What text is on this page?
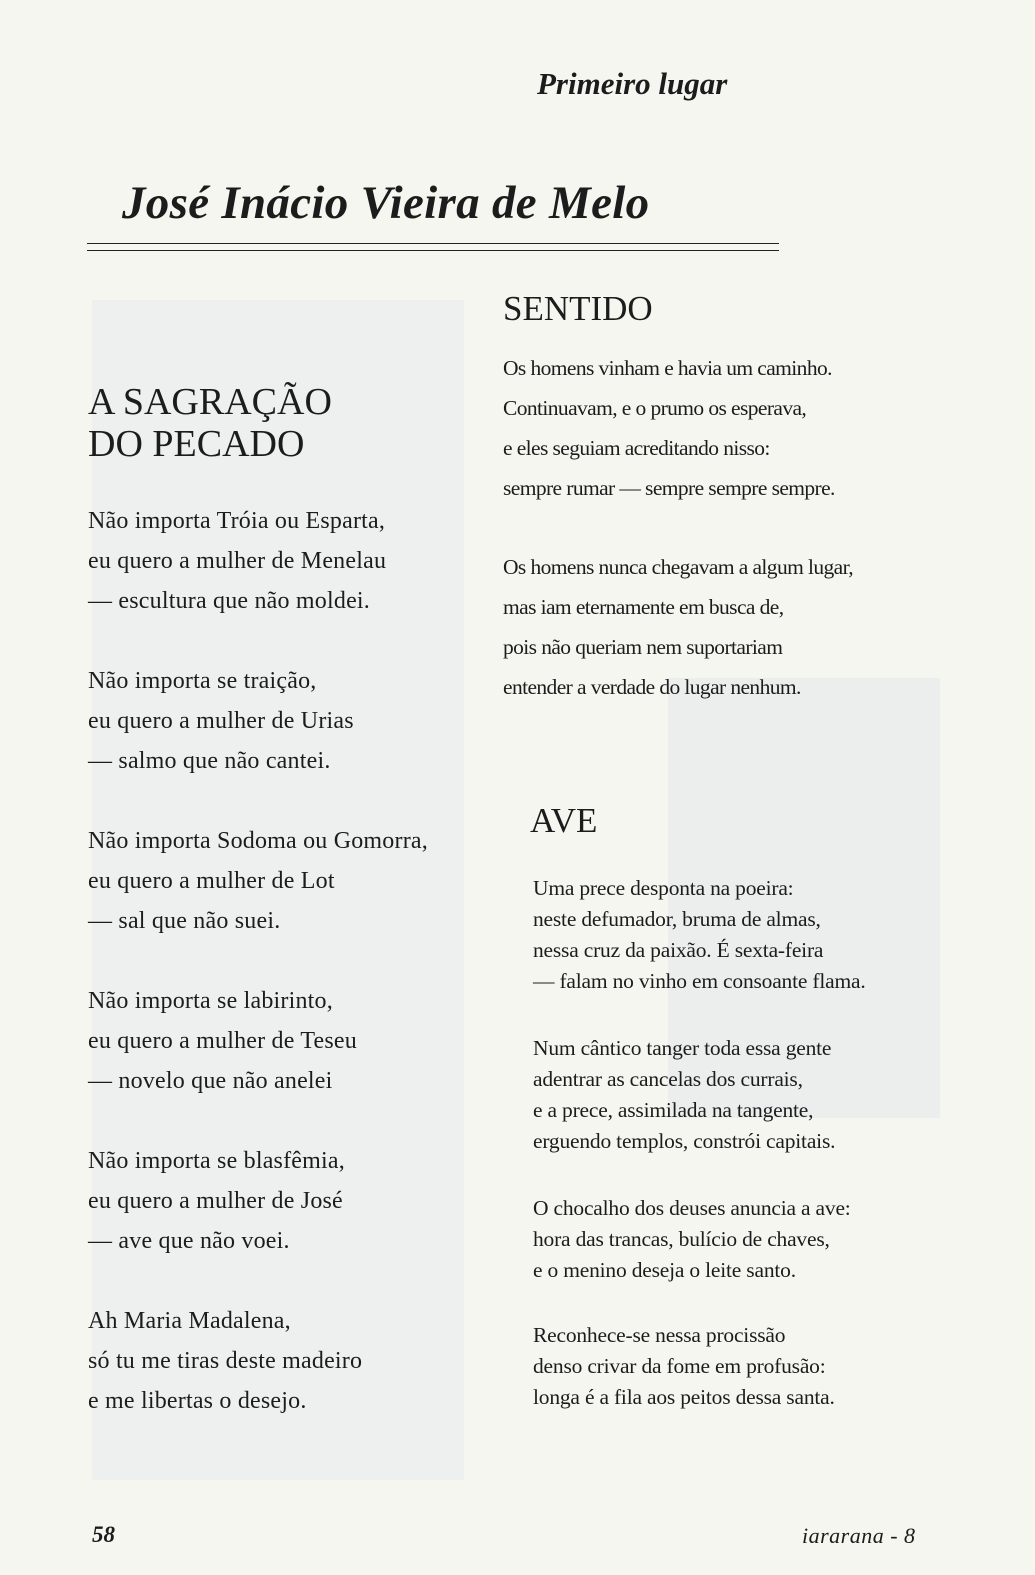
Primeiro lugar
José Inácio Vieira de Melo
A SAGRAÇÃO
DO PECADO
Não importa Tróia ou Esparta,
eu quero a mulher de Menelau
— escultura que não moldei.
Não importa se traição,
eu quero a mulher de Urias
— salmo que não cantei.
Não importa Sodoma ou Gomorra,
eu quero a mulher de Lot
— sal que não suei.
Não importa se labirinto,
eu quero a mulher de Teseu
— novelo que não anelei
Não importa se blasfêmia,
eu quero a mulher de José
— ave que não voei.
Ah Maria Madalena,
só tu me tiras deste madeiro
e me libertas o desejo.
SENTIDO
Os homens vinham e havia um caminho.
Continuavam, e o prumo os esperava,
e eles seguiam acreditando nisso:
sempre rumar — sempre sempre sempre.
Os homens nunca chegavam a algum lugar,
mas iam eternamente em busca de,
pois não queriam nem suportariam
entender a verdade do lugar nenhum.
AVE
Uma prece desponta na poeira:
neste defumador, bruma de almas,
nessa cruz da paixão. É sexta-feira
— falam no vinho em consoante flama.
Num cântico tanger toda essa gente
adentrar as cancelas dos currais,
e a prece, assimilada na tangente,
erguendo templos, constrói capitais.
O chocalho dos deuses anuncia a ave:
hora das trancas, bulício de chaves,
e o menino deseja o leite santo.
Reconhece-se nessa procissão
denso crivar da fome em profusão:
longa é a fila aos peitos dessa santa.
58	iararana - 8
